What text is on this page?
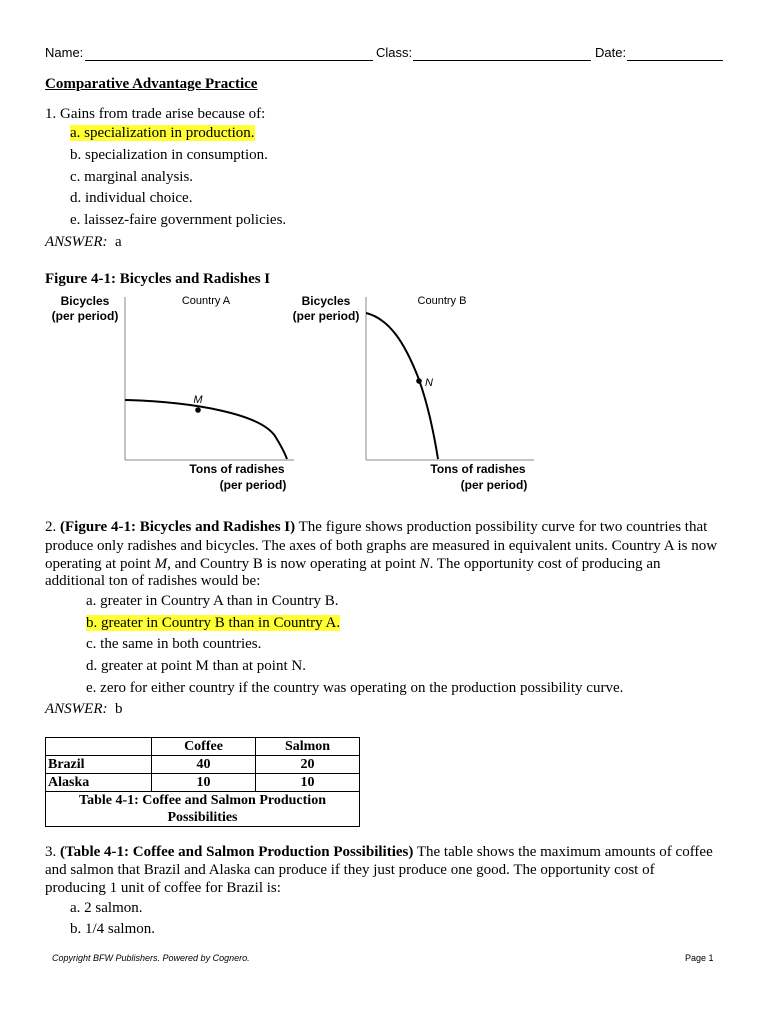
Name:	Class:	Date:
Comparative Advantage Practice
1. Gains from trade arise because of:
a. specialization in production.
b. specialization in consumption.
c. marginal analysis.
d. individual choice.
e. laissez-faire government policies.
ANSWER: a
Figure 4-1: Bicycles and Radishes I
Bicycles
(per period)
Country A
M
Tons of radishes
(per period)
Bicycles
(per period)
Country B
N
Tons of radishes
(per period)
2. (Figure 4-1: Bicycles and Radishes I) The figure shows production possibility curve for two countries that
produce only radishes and bicycles. The axes of both graphs are measured in equivalent units. Country A is now
operating at point M, and Country B is now operating at point N. The opportunity cost of producing an
additional ton of radishes would be:
a. greater in Country A than in Country B.
b. greater in Country B than in Country A.
c. the same in both countries.
d. greater at point M than at point N.
e. zero for either country if the country was operating on the production possibility curve.
ANSWER: b
	Coffee	Salmon
Brazil	40	20
Alaska	10	10
Table 4-1: Coffee and Salmon Production
Possibilities		
3. (Table 4-1: Coffee and Salmon Production Possibilities) The table shows the maximum amounts of coffee
and salmon that Brazil and Alaska can produce if they just produce one good. The opportunity cost of
producing 1 unit of coffee for Brazil is:
a. 2 salmon.
b. 1/4 salmon.
Copyright BFW Publishers. Powered by Cognero.	Page 1
